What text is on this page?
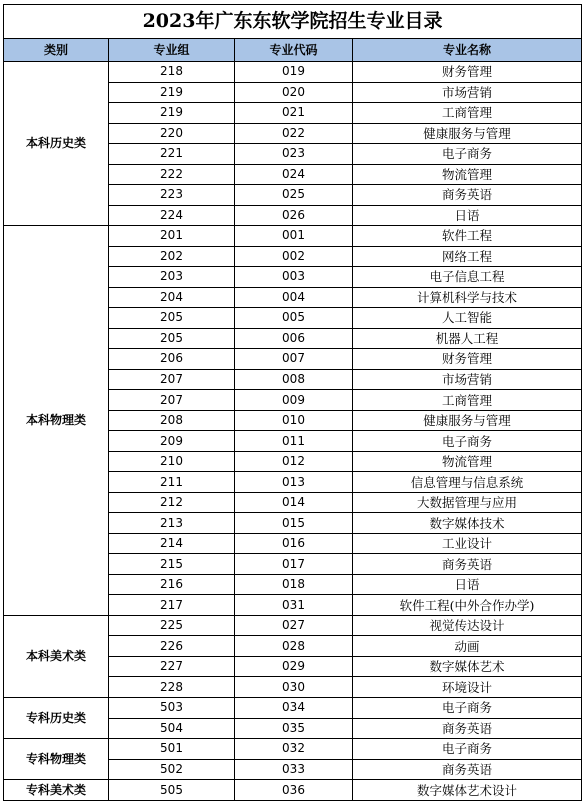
2023年广东东软学院招生专业目录			
类别	专业组	专业代码	专业名称
本科历史类	218	019	财务管理
	219	020	市场营销
	219	021	工商管理
	220	022	健康服务与管理
	221	023	电子商务
	222	024	物流管理
	223	025	商务英语
	224	026	日语
本科物理类	201	001	软件工程
	202	002	网络工程
	203	003	电子信息工程
	204	004	计算机科学与技术
	205	005	人工智能
	205	006	机器人工程
	206	007	财务管理
	207	008	市场营销
	207	009	工商管理
	208	010	健康服务与管理
	209	011	电子商务
	210	012	物流管理
	211	013	信息管理与信息系统
	212	014	大数据管理与应用
	213	015	数字媒体技术
	214	016	工业设计
	215	017	商务英语
	216	018	日语
	217	031	软件工程(中外合作办学)
本科美术类	225	027	视觉传达设计
	226	028	动画
	227	029	数字媒体艺术
	228	030	环境设计
专科历史类	503	034	电子商务
	504	035	商务英语
专科物理类	501	032	电子商务
	502	033	商务英语
专科美术类	505	036	数字媒体艺术设计
